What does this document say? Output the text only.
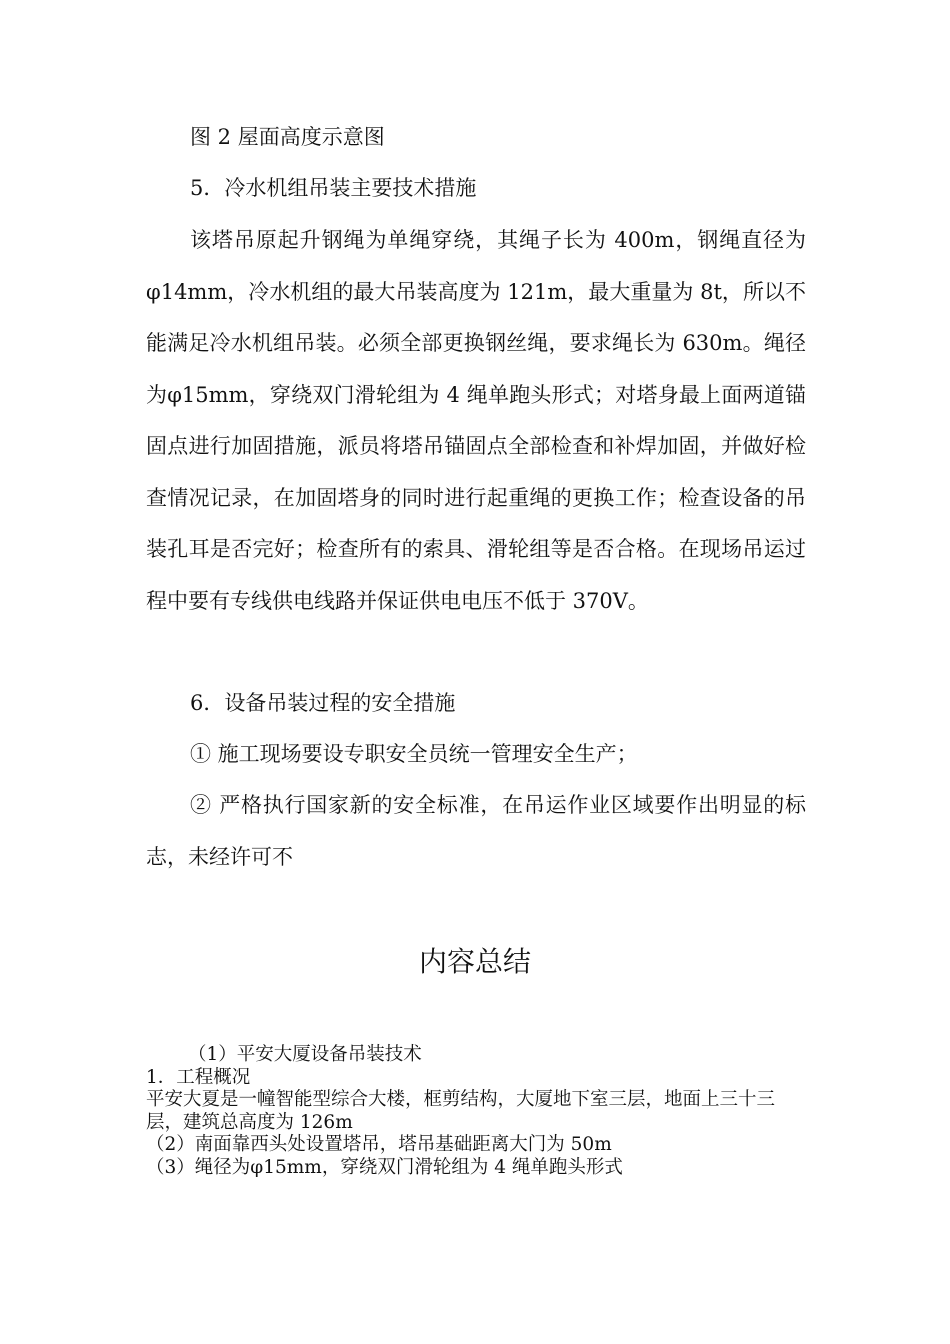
图 2 屋面高度示意图

5．冷水机组吊装主要技术措施

该塔吊原起升钢绳为单绳穿绕，其绳子长为 400m，钢绳直径为φ14mm，冷水机组的最大吊装高度为 121m，最大重量为 8t，所以不能满足冷水机组吊装。必须全部更换钢丝绳，要求绳长为 630m。绳径为φ15mm，穿绕双门滑轮组为 4 绳单跑头形式；对塔身最上面两道锚固点进行加固措施，派员将塔吊锚固点全部检查和补焊加固，并做好检查情况记录，在加固塔身的同时进行起重绳的更换工作；检查设备的吊装孔耳是否完好；检查所有的索具、滑轮组等是否合格。在现场吊运过程中要有专线供电线路并保证供电电压不低于 370V。

6．设备吊装过程的安全措施

① 施工现场要设专职安全员统一管理安全生产；

② 严格执行国家新的安全标准，在吊运作业区域要作出明显的标志，未经许可不

内容总结
（1）平安大厦设备吊装技术
1．工程概况
平安大夏是一幢智能型综合大楼，框剪结构，大厦地下室三层，地面上三十三层，建筑总高度为 126m
（2）南面靠西头处设置塔吊，塔吊基础距离大门为 50m
（3）绳径为φ15mm，穿绕双门滑轮组为 4 绳单跑头形式
